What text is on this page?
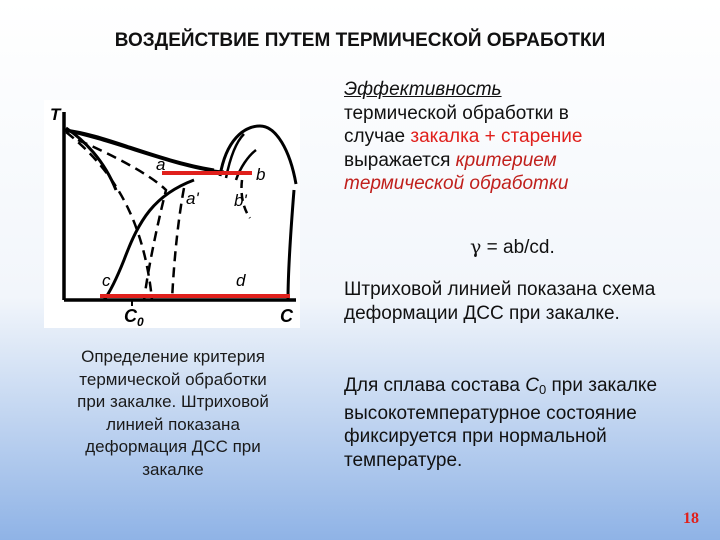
ВОЗДЕЙСТВИЕ ПУТЕМ ТЕРМИЧЕСКОЙ ОБРАБОТКИ
T
C
C 0
a
a'
b
b'
c	d
Определение критерия
термической обработки
при закалке. Штриховой
линией показана
деформация ДСС при
закалке
Эффективность
термической обработки в
случае закалка + старение
выражается критерием
термической обработки
γ = ab/cd.

Штриховой линией показана схема деформации ДСС при закалке.

Для сплава состава $C_0$ при закалке высокотемпературное состояние фиксируется при нормальной температуре.

18
